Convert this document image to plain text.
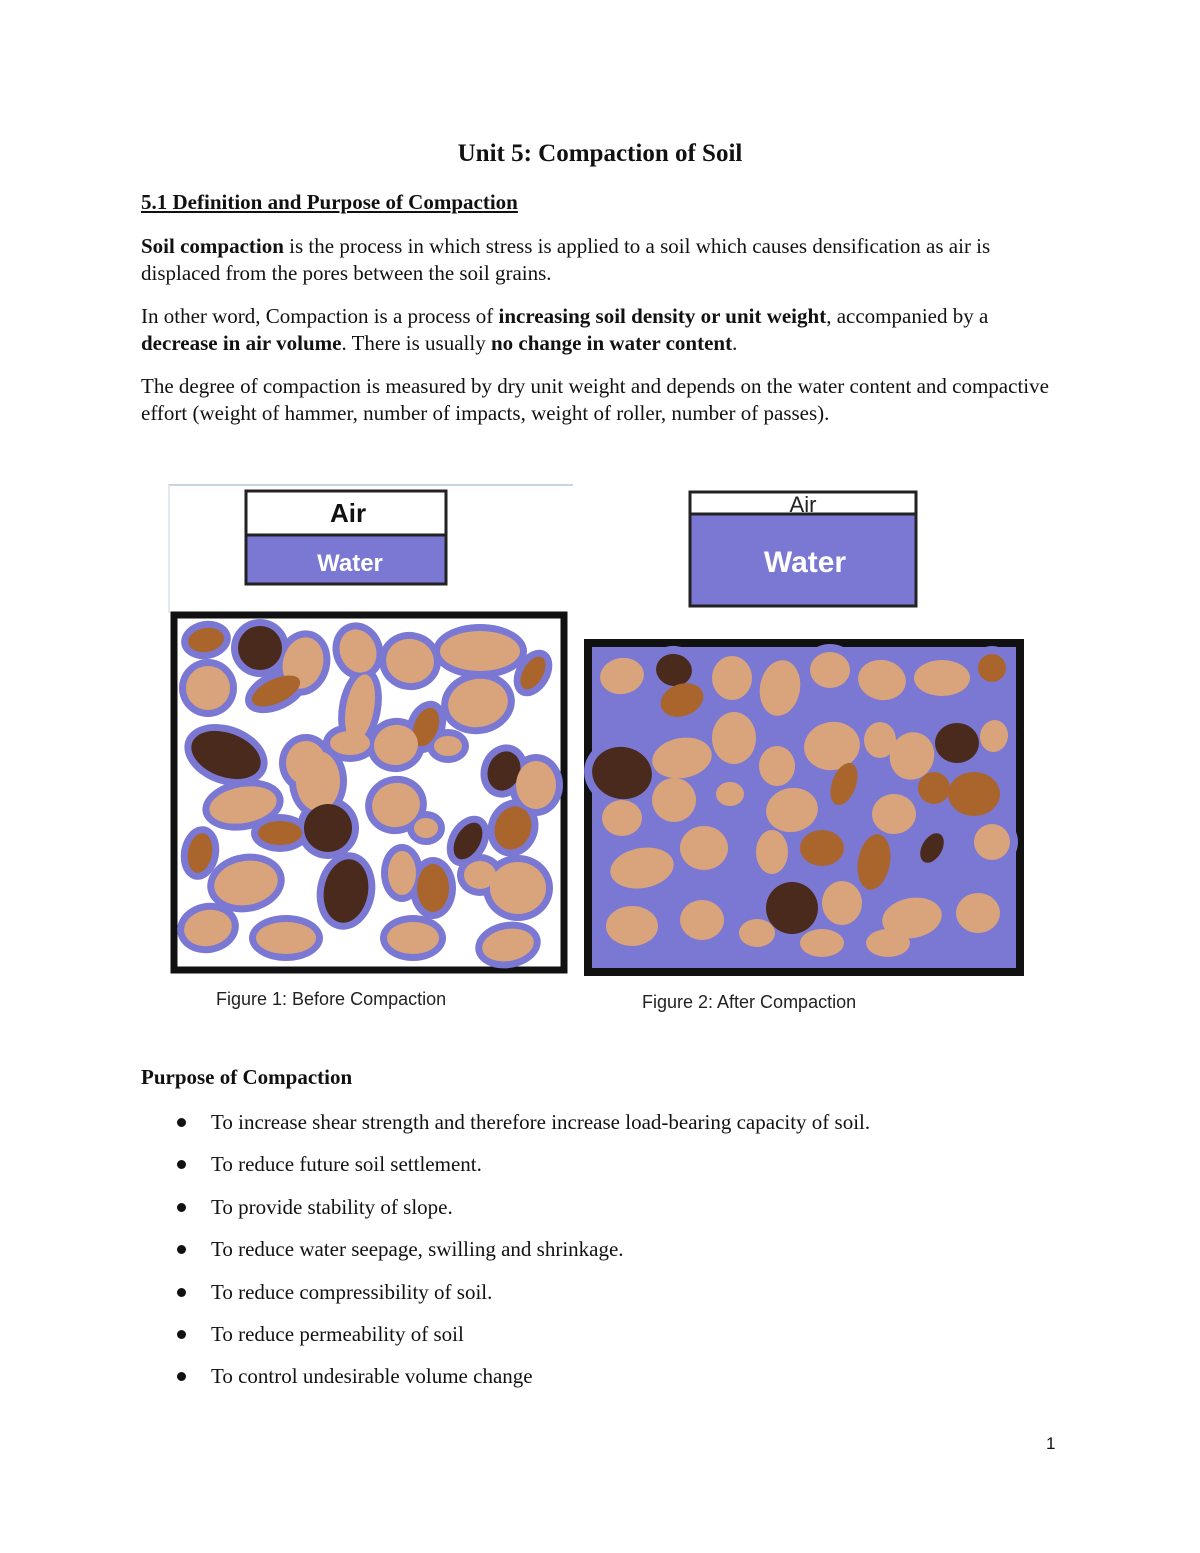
Unit 5: Compaction of Soil
5.1 Definition and Purpose of Compaction

Soil compaction is the process in which stress is applied to a soil which causes densification as air is displaced from the pores between the soil grains.

In other word, Compaction is a process of increasing soil density or unit weight, accompanied by a decrease in air volume. There is usually no change in water content.

The degree of compaction is measured by dry unit weight and depends on the water content and compactive effort (weight of hammer, number of impacts, weight of roller, number of passes).

Air
Water
Air
Water

Figure 1: Before Compaction	Figure 2: After Compaction

Purpose of Compaction
To increase shear strength and therefore increase load-bearing capacity of soil.
To reduce future soil settlement.
To provide stability of slope.
To reduce water seepage, swilling and shrinkage.
To reduce compressibility of soil.
To reduce permeability of soil
To control undesirable volume change

1
